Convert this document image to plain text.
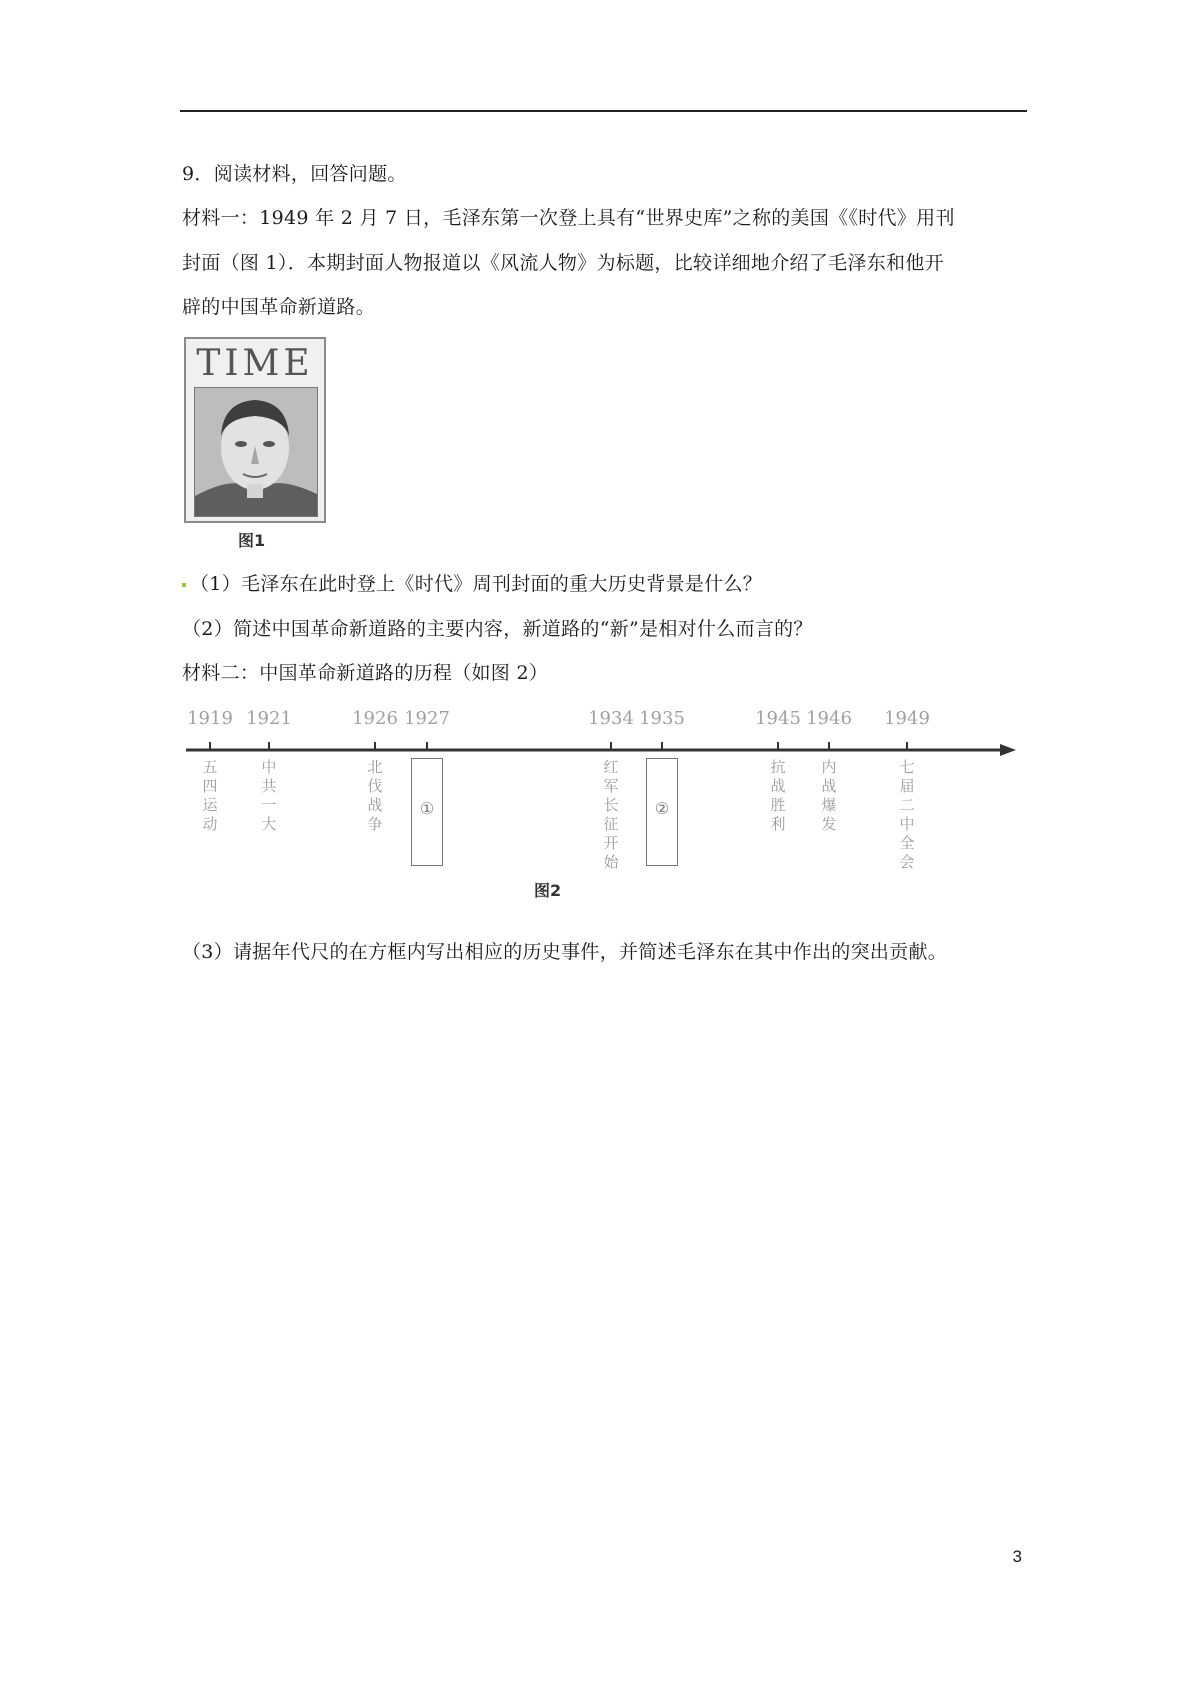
9．阅读材料，回答问题。
材料一：1949 年 2 月 7 日，毛泽东第一次登上具有“世界史库”之称的美国《《时代》用刊
封面（图 1）．本期封面人物报道以《风流人物》为标题，比较详细地介绍了毛泽东和他开
辟的中国革命新道路。
TIME
图1
（1）毛泽东在此时登上《时代》周刊封面的重大历史背景是什么？
（2）简述中国革命新道路的主要内容，新道路的“新”是相对什么而言的？
材料二：中国革命新道路的历程（如图 2）
1919 1921	1926 1927	1934 1935	1945 1946 1949
五四运动
中共一大
北伐战争
①
红军长征开始
②
抗战胜利
内战爆发
七届二中全会
图2
（3）请据年代尺的在方框内写出相应的历史事件，并简述毛泽东在其中作出的突出贡献。
3
